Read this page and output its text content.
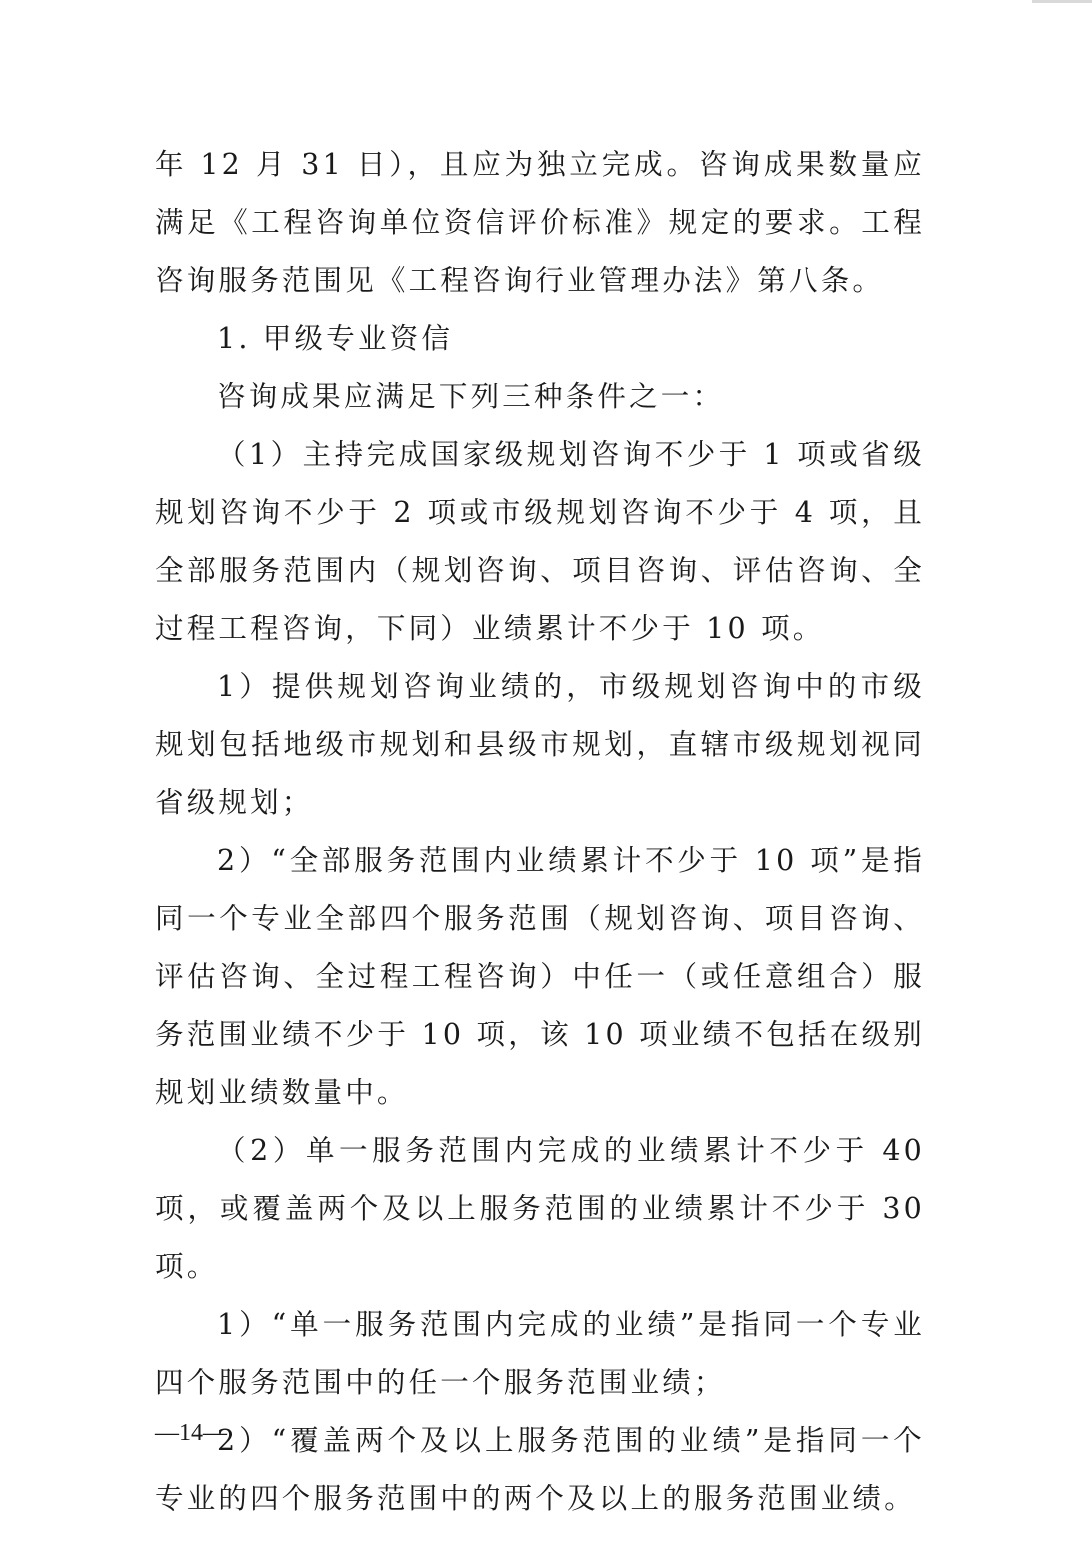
年 12 月 31 日），且应为独立完成。咨询成果数量应满足《工程咨询单位资信评价标准》规定的要求。工程咨询服务范围见《工程咨询行业管理办法》第八条。

1. 甲级专业资信

咨询成果应满足下列三种条件之一：

（1）主持完成国家级规划咨询不少于 1 项或省级规划咨询不少于 2 项或市级规划咨询不少于 4 项，且全部服务范围内（规划咨询、项目咨询、评估咨询、全过程工程咨询，下同）业绩累计不少于 10 项。

1）提供规划咨询业绩的，市级规划咨询中的市级规划包括地级市规划和县级市规划，直辖市级规划视同省级规划；

2）“全部服务范围内业绩累计不少于 10 项”是指同一个专业全部四个服务范围（规划咨询、项目咨询、评估咨询、全过程工程咨询）中任一（或任意组合）服务范围业绩不少于 10 项，该 10 项业绩不包括在级别规划业绩数量中。

（2）单一服务范围内完成的业绩累计不少于 40 项，或覆盖两个及以上服务范围的业绩累计不少于 30 项。

1）“单一服务范围内完成的业绩”是指同一个专业四个服务范围中的任一个服务范围业绩；

2）“覆盖两个及以上服务范围的业绩”是指同一个专业的四个服务范围中的两个及以上的服务范围业绩。

—14—
